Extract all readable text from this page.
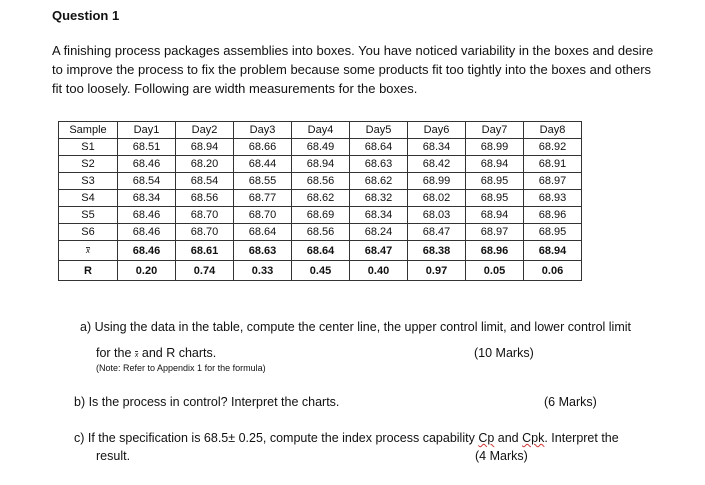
Question 1
A finishing process packages assemblies into boxes. You have noticed variability in the boxes and desire to improve the process to fix the problem because some products fit too tightly into the boxes and others fit too loosely. Following are width measurements for the boxes.
Sample	Day1	Day2	Day3	Day4	Day5	Day6	Day7	Day8
S1	68.51	68.94	68.66	68.49	68.64	68.34	68.99	68.92
S2	68.46	68.20	68.44	68.94	68.63	68.42	68.94	68.91
S3	68.54	68.54	68.55	68.56	68.62	68.99	68.95	68.97
S4	68.34	68.56	68.77	68.62	68.32	68.02	68.95	68.93
S5	68.46	68.70	68.70	68.69	68.34	68.03	68.94	68.96
S6	68.46	68.70	68.64	68.56	68.24	68.47	68.97	68.95
x	68.46	68.61	68.63	68.64	68.47	68.38	68.96	68.94
R	0.20	0.74	0.33	0.45	0.40	0.97	0.05	0.06
a) Using the data in the table, compute the center line, the upper control limit, and lower control limit
for the x and R charts.	(10 Marks)
(Note: Refer to Appendix 1 for the formula)
b) Is the process in control? Interpret the charts.	(6 Marks)
c) If the specification is 68.5± 0.25, compute the index process capability Cp and Cpk. Interpret the
result.	(4 Marks)
